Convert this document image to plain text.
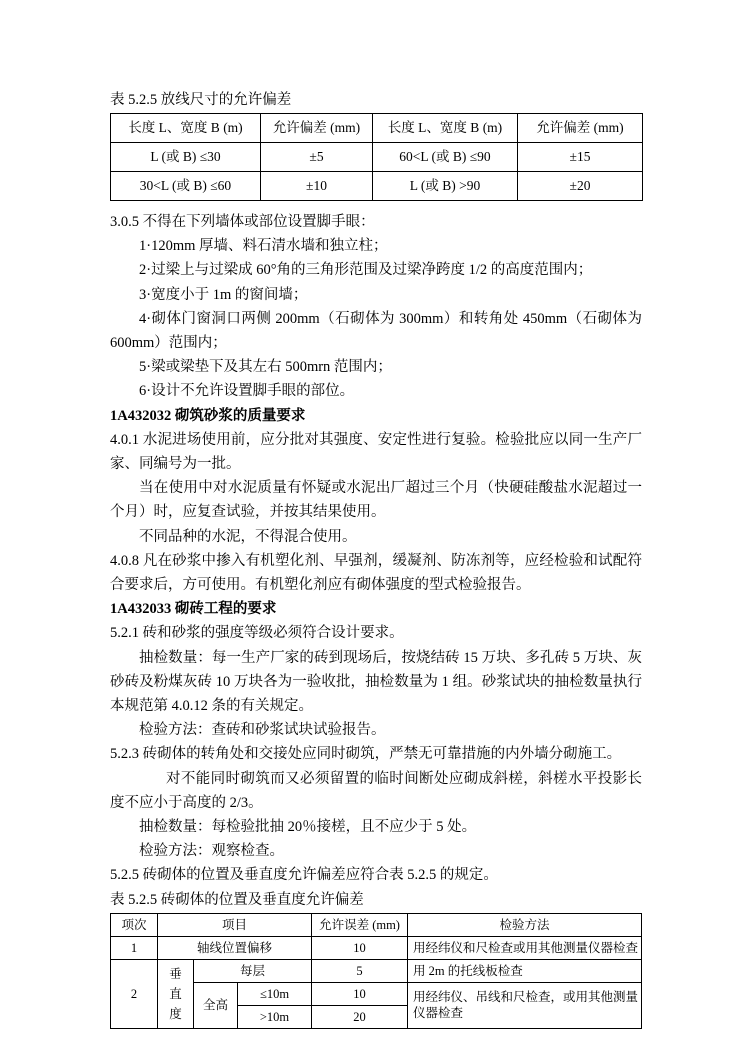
表 5.2.5 放线尺寸的允许偏差

长度 L、宽度 B (m)	允许偏差 (mm)	长度 L、宽度 B (m)	允许偏差 (mm)
L (或 B) ≤30	±5	60<L (或 B) ≤90	±15
30<L (或 B) ≤60	±10	L (或 B) >90	±20

3.0.5 不得在下列墙体或部位设置脚手眼：

1·120mm 厚墙、料石清水墙和独立柱；

2·过梁上与过梁成 60°角的三角形范围及过梁净跨度 1/2 的高度范围内；

3·宽度小于 1m 的窗间墙；

4·砌体门窗洞口两侧 200mm（石砌体为 300mm）和转角处 450mm（石砌体为 600mm）范围内；

5·梁或梁垫下及其左右 500mrn 范围内；

6·设计不允许设置脚手眼的部位。

1A432032 砌筑砂浆的质量要求

4.0.1 水泥进场使用前，应分批对其强度、安定性进行复验。检验批应以同一生产厂家、同编号为一批。

当在使用中对水泥质量有怀疑或水泥出厂超过三个月（快硬硅酸盐水泥超过一个月）时，应复查试验，并按其结果使用。

不同品种的水泥，不得混合使用。

4.0.8 凡在砂浆中掺入有机塑化剂、早强剂，缓凝剂、防冻剂等，应经检验和试配符合要求后，方可使用。有机塑化剂应有砌体强度的型式检验报告。

1A432033 砌砖工程的要求

5.2.1 砖和砂浆的强度等级必须符合设计要求。

抽检数量：每一生产厂家的砖到现场后，按烧结砖 15 万块、多孔砖 5 万块、灰砂砖及粉煤灰砖 10 万块各为一验收批，抽检数量为 1 组。砂浆试块的抽检数量执行本规范第 4.0.12 条的有关规定。

检验方法：查砖和砂浆试块试验报告。

5.2.3 砖砌体的转角处和交接处应同时砌筑，严禁无可靠措施的内外墙分砌施工。

对不能同时砌筑而又必须留置的临时间断处应砌成斜槎，斜槎水平投影长度不应小于高度的 2/3。

抽检数量：每检验批抽 20％接槎，且不应少于 5 处。

检验方法：观察检查。

5.2.5 砖砌体的位置及垂直度允许偏差应符合表 5.2.5 的规定。

表 5.2.5 砖砌体的位置及垂直度允许偏差

项次	项目			允许误差 (mm)	检验方法
1	轴线位置偏移			10	用经纬仪和尺检查或用其他测量仪器检查
2	垂直度	每层		5	用 2m 的托线板检查
		全高	≤10m	10	用经纬仪、吊线和尺检查，或用其他测量仪器检查
			>10m	20	
